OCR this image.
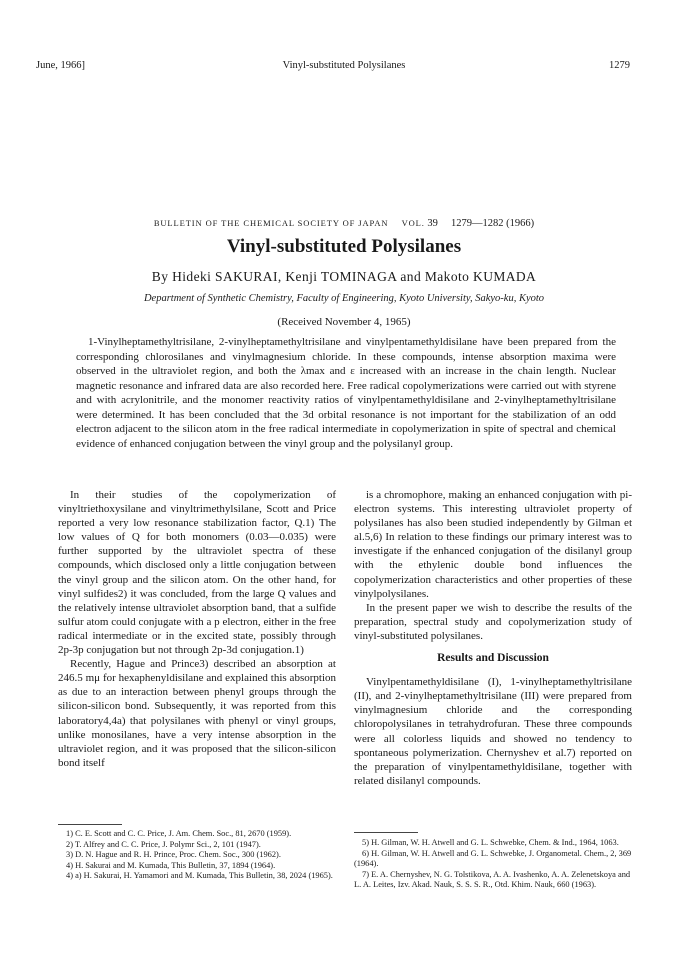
June, 1966]	Vinyl-substituted Polysilanes	1279
BULLETIN OF THE CHEMICAL SOCIETY OF JAPAN VOL. 39 1279—1282 (1966)
Vinyl-substituted Polysilanes
By Hideki SAKURAI, Kenji TOMINAGA and Makoto KUMADA
Department of Synthetic Chemistry, Faculty of Engineering, Kyoto University, Sakyo-ku, Kyoto
(Received November 4, 1965)

1-Vinylheptamethyltrisilane, 2-vinylheptamethyltrisilane and vinylpentamethyldisilane have been prepared from the corresponding chlorosilanes and vinylmagnesium chloride. In these compounds, intense absorption maxima were observed in the ultraviolet region, and both the λmax and ε increased with an increase in the chain length. Nuclear magnetic resonance and infrared data are also recorded here. Free radical copolymerizations were carried out with styrene and with acrylonitrile, and the monomer reactivity ratios of vinylpentamethyldisilane and 2-vinylheptamethyltrisilane were determined. It has been concluded that the 3d orbital resonance is not important for the stabilization of an odd electron adjacent to the silicon atom in the free radical intermediate in copolymerization in spite of spectral and chemical evidence of enhanced conjugation between the vinyl group and the polysilanyl group.

In their studies of the copolymerization of vinyltriethoxysilane and vinyltrimethylsilane, Scott and Price reported a very low resonance stabilization factor, Q.1) The low values of Q for both monomers (0.03—0.035) were further supported by the ultraviolet spectra of these compounds, which disclosed only a little conjugation between the vinyl group and the silicon atom. On the other hand, for vinyl sulfides2) it was concluded, from the large Q values and the relatively intense ultraviolet absorption band, that a sulfide sulfur atom could conjugate with a p electron, either in the free radical intermediate or in the excited state, possibly through 2p-3p conjugation but not through 2p-3d conjugation.1)

Recently, Hague and Prince3) described an absorption at 246.5 mμ for hexaphenyldisilane and explained this absorption as due to an interaction between phenyl groups through the silicon-silicon bond. Subsequently, it was reported from this laboratory4,4a) that polysilanes with phenyl or vinyl groups, unlike monosilanes, have a very intense absorption in the ultraviolet region, and it was proposed that the silicon-silicon bond itself

is a chromophore, making an enhanced conjugation with pi-electron systems. This interesting ultraviolet property of polysilanes has also been studied independently by Gilman et al.5,6) In relation to these findings our primary interest was to investigate if the enhanced conjugation of the disilanyl group with the ethylenic double bond influences the copolymerization characteristics and other properties of these vinylpolysilanes.

In the present paper we wish to describe the results of the preparation, spectral study and copolymerization study of vinyl-substituted polysilanes.

Results and Discussion

Vinylpentamethyldisilane (I), 1-vinylheptamethyltrisilane (II), and 2-vinylheptamethyltrisilane (III) were prepared from vinylmagnesium chloride and the corresponding chloropolysilanes in tetrahydrofuran. These three compounds were all colorless liquids and showed no tendency to spontaneous polymerization. Chernyshev et al.7) reported on the preparation of vinylpentamethyldisilane, together with related disilanyl compounds.

1) C. E. Scott and C. C. Price, J. Am. Chem. Soc., 81, 2670 (1959).

2) T. Alfrey and C. C. Price, J. Polymr Sci., 2, 101 (1947).

3) D. N. Hague and R. H. Prince, Proc. Chem. Soc., 300 (1962).

4) H. Sakurai and M. Kumada, This Bulletin, 37, 1894 (1964).

4) a) H. Sakurai, H. Yamamori and M. Kumada, This Bulletin, 38, 2024 (1965).

5) H. Gilman, W. H. Atwell and G. L. Schwebke, Chem. & Ind., 1964, 1063.

6) H. Gilman, W. H. Atwell and G. L. Schwebke, J. Organometal. Chem., 2, 369 (1964).

7) E. A. Chernyshev, N. G. Tolstikova, A. A. Ivashenko, A. A. Zelenetskoya and L. A. Leites, Izv. Akad. Nauk, S. S. S. R., Otd. Khim. Nauk, 660 (1963).
